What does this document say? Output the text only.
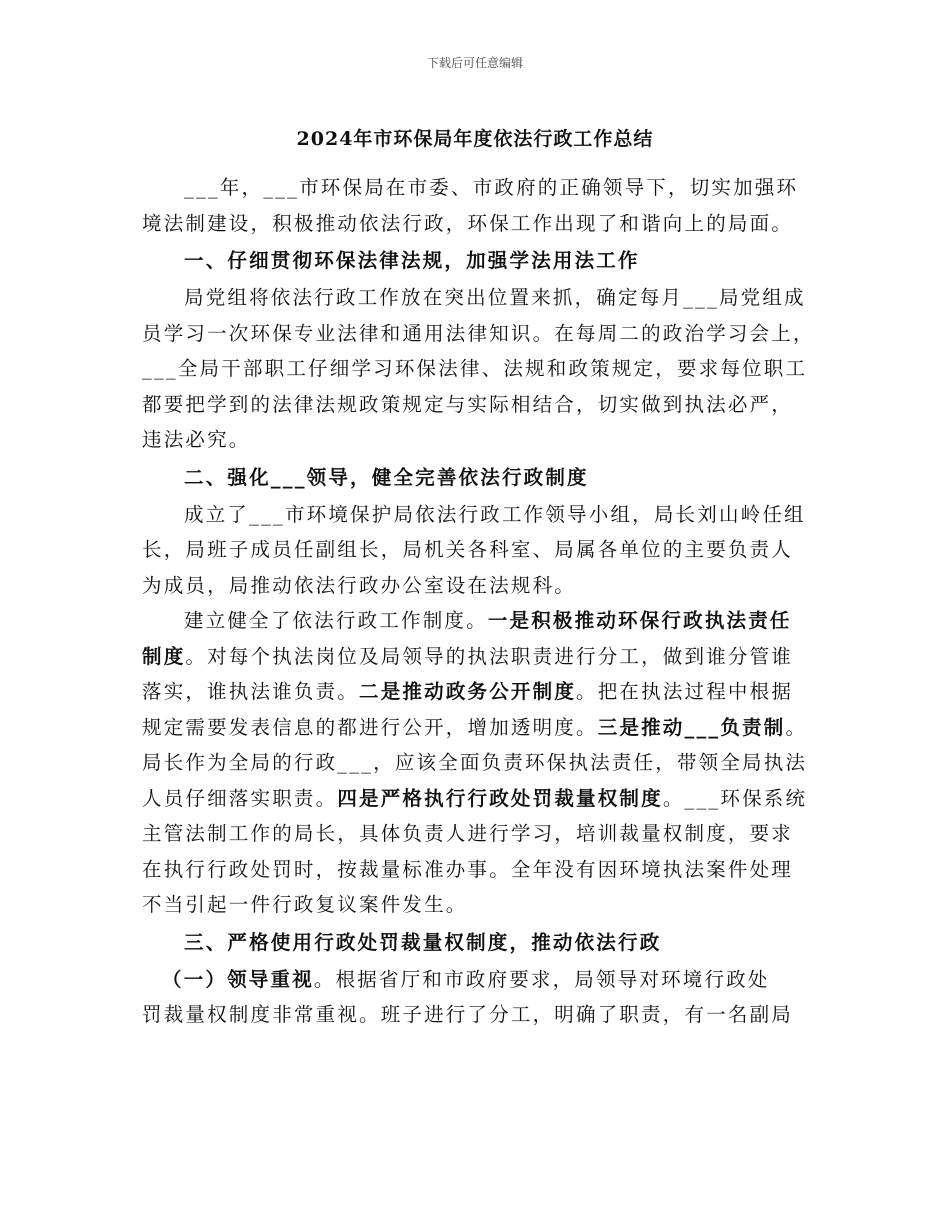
下载后可任意编辑
2024年市环保局年度依法行政工作总结
___年，___市环保局在市委、市政府的正确领导下，切实加强环
境法制建设，积极推动依法行政，环保工作出现了和谐向上的局面。
一、仔细贯彻环保法律法规，加强学法用法工作
局党组将依法行政工作放在突出位置来抓，确定每月___局党组成
员学习一次环保专业法律和通用法律知识。在每周二的政治学习会上，
___全局干部职工仔细学习环保法律、法规和政策规定，要求每位职工
都要把学到的法律法规政策规定与实际相结合，切实做到执法必严，
违法必究。
二、强化___领导，健全完善依法行政制度
成立了___市环境保护局依法行政工作领导小组，局长刘山岭任组
长，局班子成员任副组长，局机关各科室、局属各单位的主要负责人
为成员，局推动依法行政办公室设在法规科。
建立健全了依法行政工作制度。一是积极推动环保行政执法责任
制度。对每个执法岗位及局领导的执法职责进行分工，做到谁分管谁
落实，谁执法谁负责。二是推动政务公开制度。把在执法过程中根据
规定需要发表信息的都进行公开，增加透明度。三是推动___负责制。
局长作为全局的行政___，应该全面负责环保执法责任，带领全局执法
人员仔细落实职责。四是严格执行行政处罚裁量权制度。___环保系统
主管法制工作的局长，具体负责人进行学习，培训裁量权制度，要求
在执行行政处罚时，按裁量标准办事。全年没有因环境执法案件处理
不当引起一件行政复议案件发生。
三、严格使用行政处罚裁量权制度，推动依法行政
（一）领导重视。根据省厅和市政府要求，局领导对环境行政处
罚裁量权制度非常重视。班子进行了分工，明确了职责，有一名副局
